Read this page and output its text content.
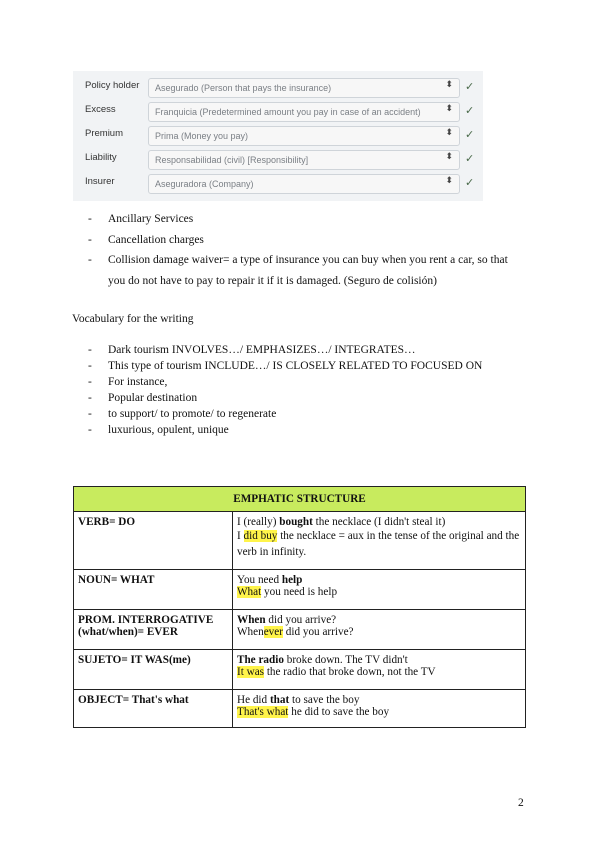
Policy holder Asegurado (Person that pays the insurance)	⬍ ✓
Excess	Franquicia (Predetermined amount you pay in case of an accident)	⬍ ✓
Premium	Prima (Money you pay)	⬍ ✓
Liability	Responsabilidad (civil) [Responsibility]	⬍ ✓
Insurer	Aseguradora (Company)	⬍ ✓
- Ancillary Services
- Cancellation charges
- Collision damage waiver= a type of insurance you can buy when you rent a car, so that you do not have to pay to repair it if it is damaged. (Seguro de colisión)
Vocabulary for the writing
- Dark tourism INVOLVES…/ EMPHASIZES…/ INTEGRATES…
- This type of tourism INCLUDE…/ IS CLOSELY RELATED TO FOCUSED ON
- For instance,
- Popular destination
- to support/ to promote/ to regenerate
- luxurious, opulent, unique
EMPHATIC STRUCTURE	
VERB= DO	I (really) bought the necklace (I didn't steal it)
I did buy the necklace = aux in the tense of the original and the verb in infinity.

NOUN= WHAT	You need help
What you need is help

PROM. INTERROGATIVE (what/when)= EVER	When did you arrive?
Whenever did you arrive?

SUJETO= IT WAS(me)	The radio broke down. The TV didn't
It was the radio that broke down, not the TV

OBJECT= That's what	He did that to save the boy
That's what he did to save the boy
2
